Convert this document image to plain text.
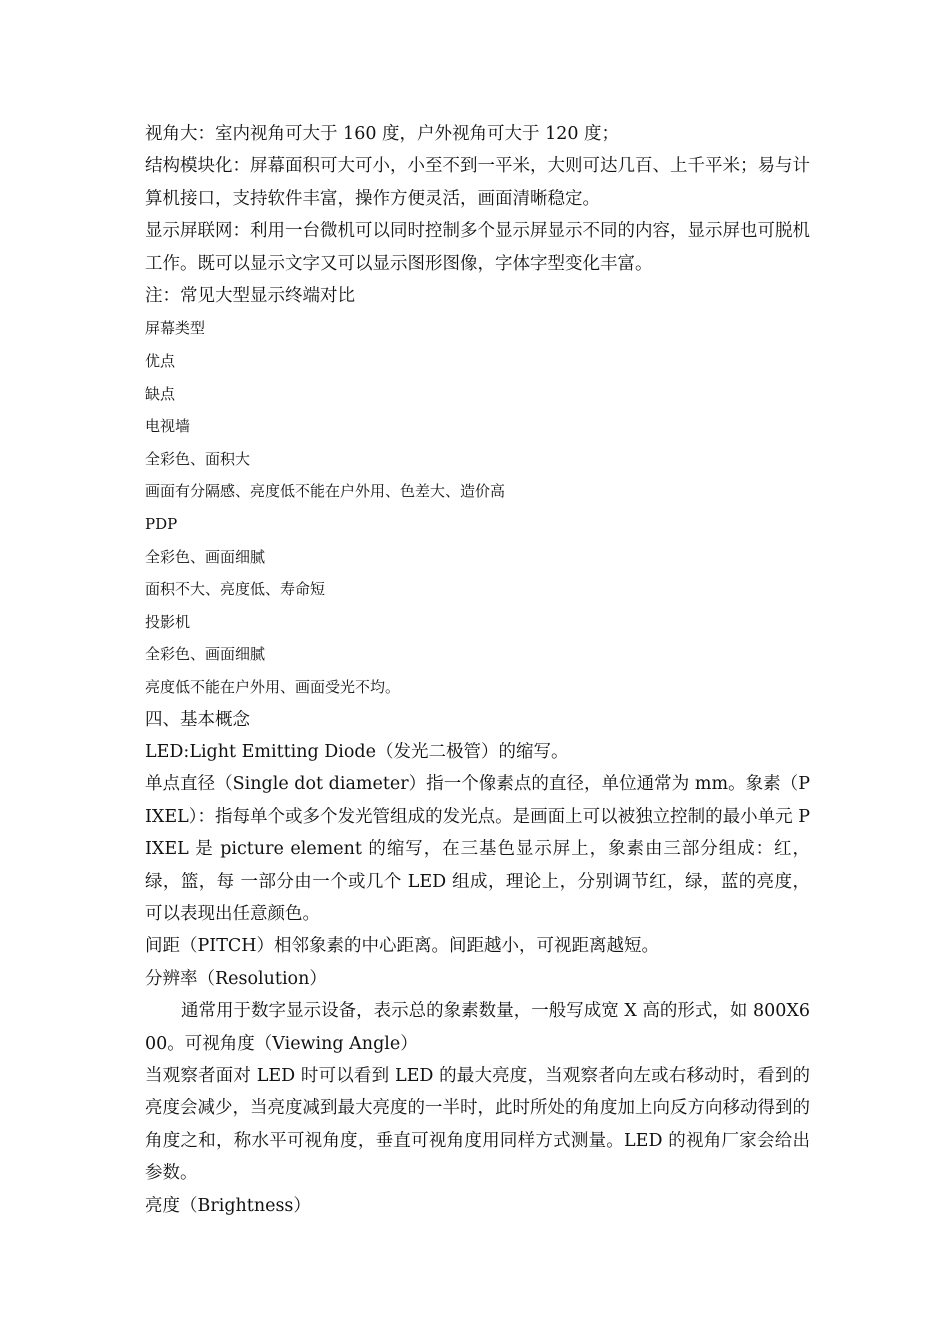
视角大：室内视角可大于 160 度，户外视角可大于 120 度；

结构模块化：屏幕面积可大可小，小至不到一平米，大则可达几百、上千平米；易与计算机接口，支持软件丰富，操作方便灵活，画面清晰稳定。

显示屏联网：利用一台微机可以同时控制多个显示屏显示不同的内容，显示屏也可脱机工作。既可以显示文字又可以显示图形图像，字体字型变化丰富。

注：常见大型显示终端对比

屏幕类型

优点

缺点

电视墙

全彩色、面积大

画面有分隔感、亮度低不能在户外用、色差大、造价高

PDP

全彩色、画面细腻

面积不大、亮度低、寿命短

投影机

全彩色、画面细腻

亮度低不能在户外用、画面受光不均。

四、基本概念

LED:Light Emitting Diode（发光二极管）的缩写。

单点直径（Single dot diameter）指一个像素点的直径，单位通常为 mm。象素（PIXEL）：指每单个或多个发光管组成的发光点。是画面上可以被独立控制的最小单元 PIXEL 是 picture element 的缩写，在三基色显示屏上，象素由三部分组成：红，绿，篮，每 一部分由一个或几个 LED 组成，理论上，分别调节红，绿，蓝的亮度，可以表现出任意颜色。

间距（PITCH）相邻象素的中心距离。间距越小，可视距离越短。

分辨率（Resolution）

通常用于数字显示设备，表示总的象素数量，一般写成宽 X 高的形式，如 800X600。可视角度（Viewing Angle）

当观察者面对 LED 时可以看到 LED 的最大亮度，当观察者向左或右移动时，看到的亮度会减少，当亮度减到最大亮度的一半时，此时所处的角度加上向反方向移动得到的角度之和，称水平可视角度，垂直可视角度用同样方式测量。LED 的视角厂家会给出参数。

亮度（Brightness）
